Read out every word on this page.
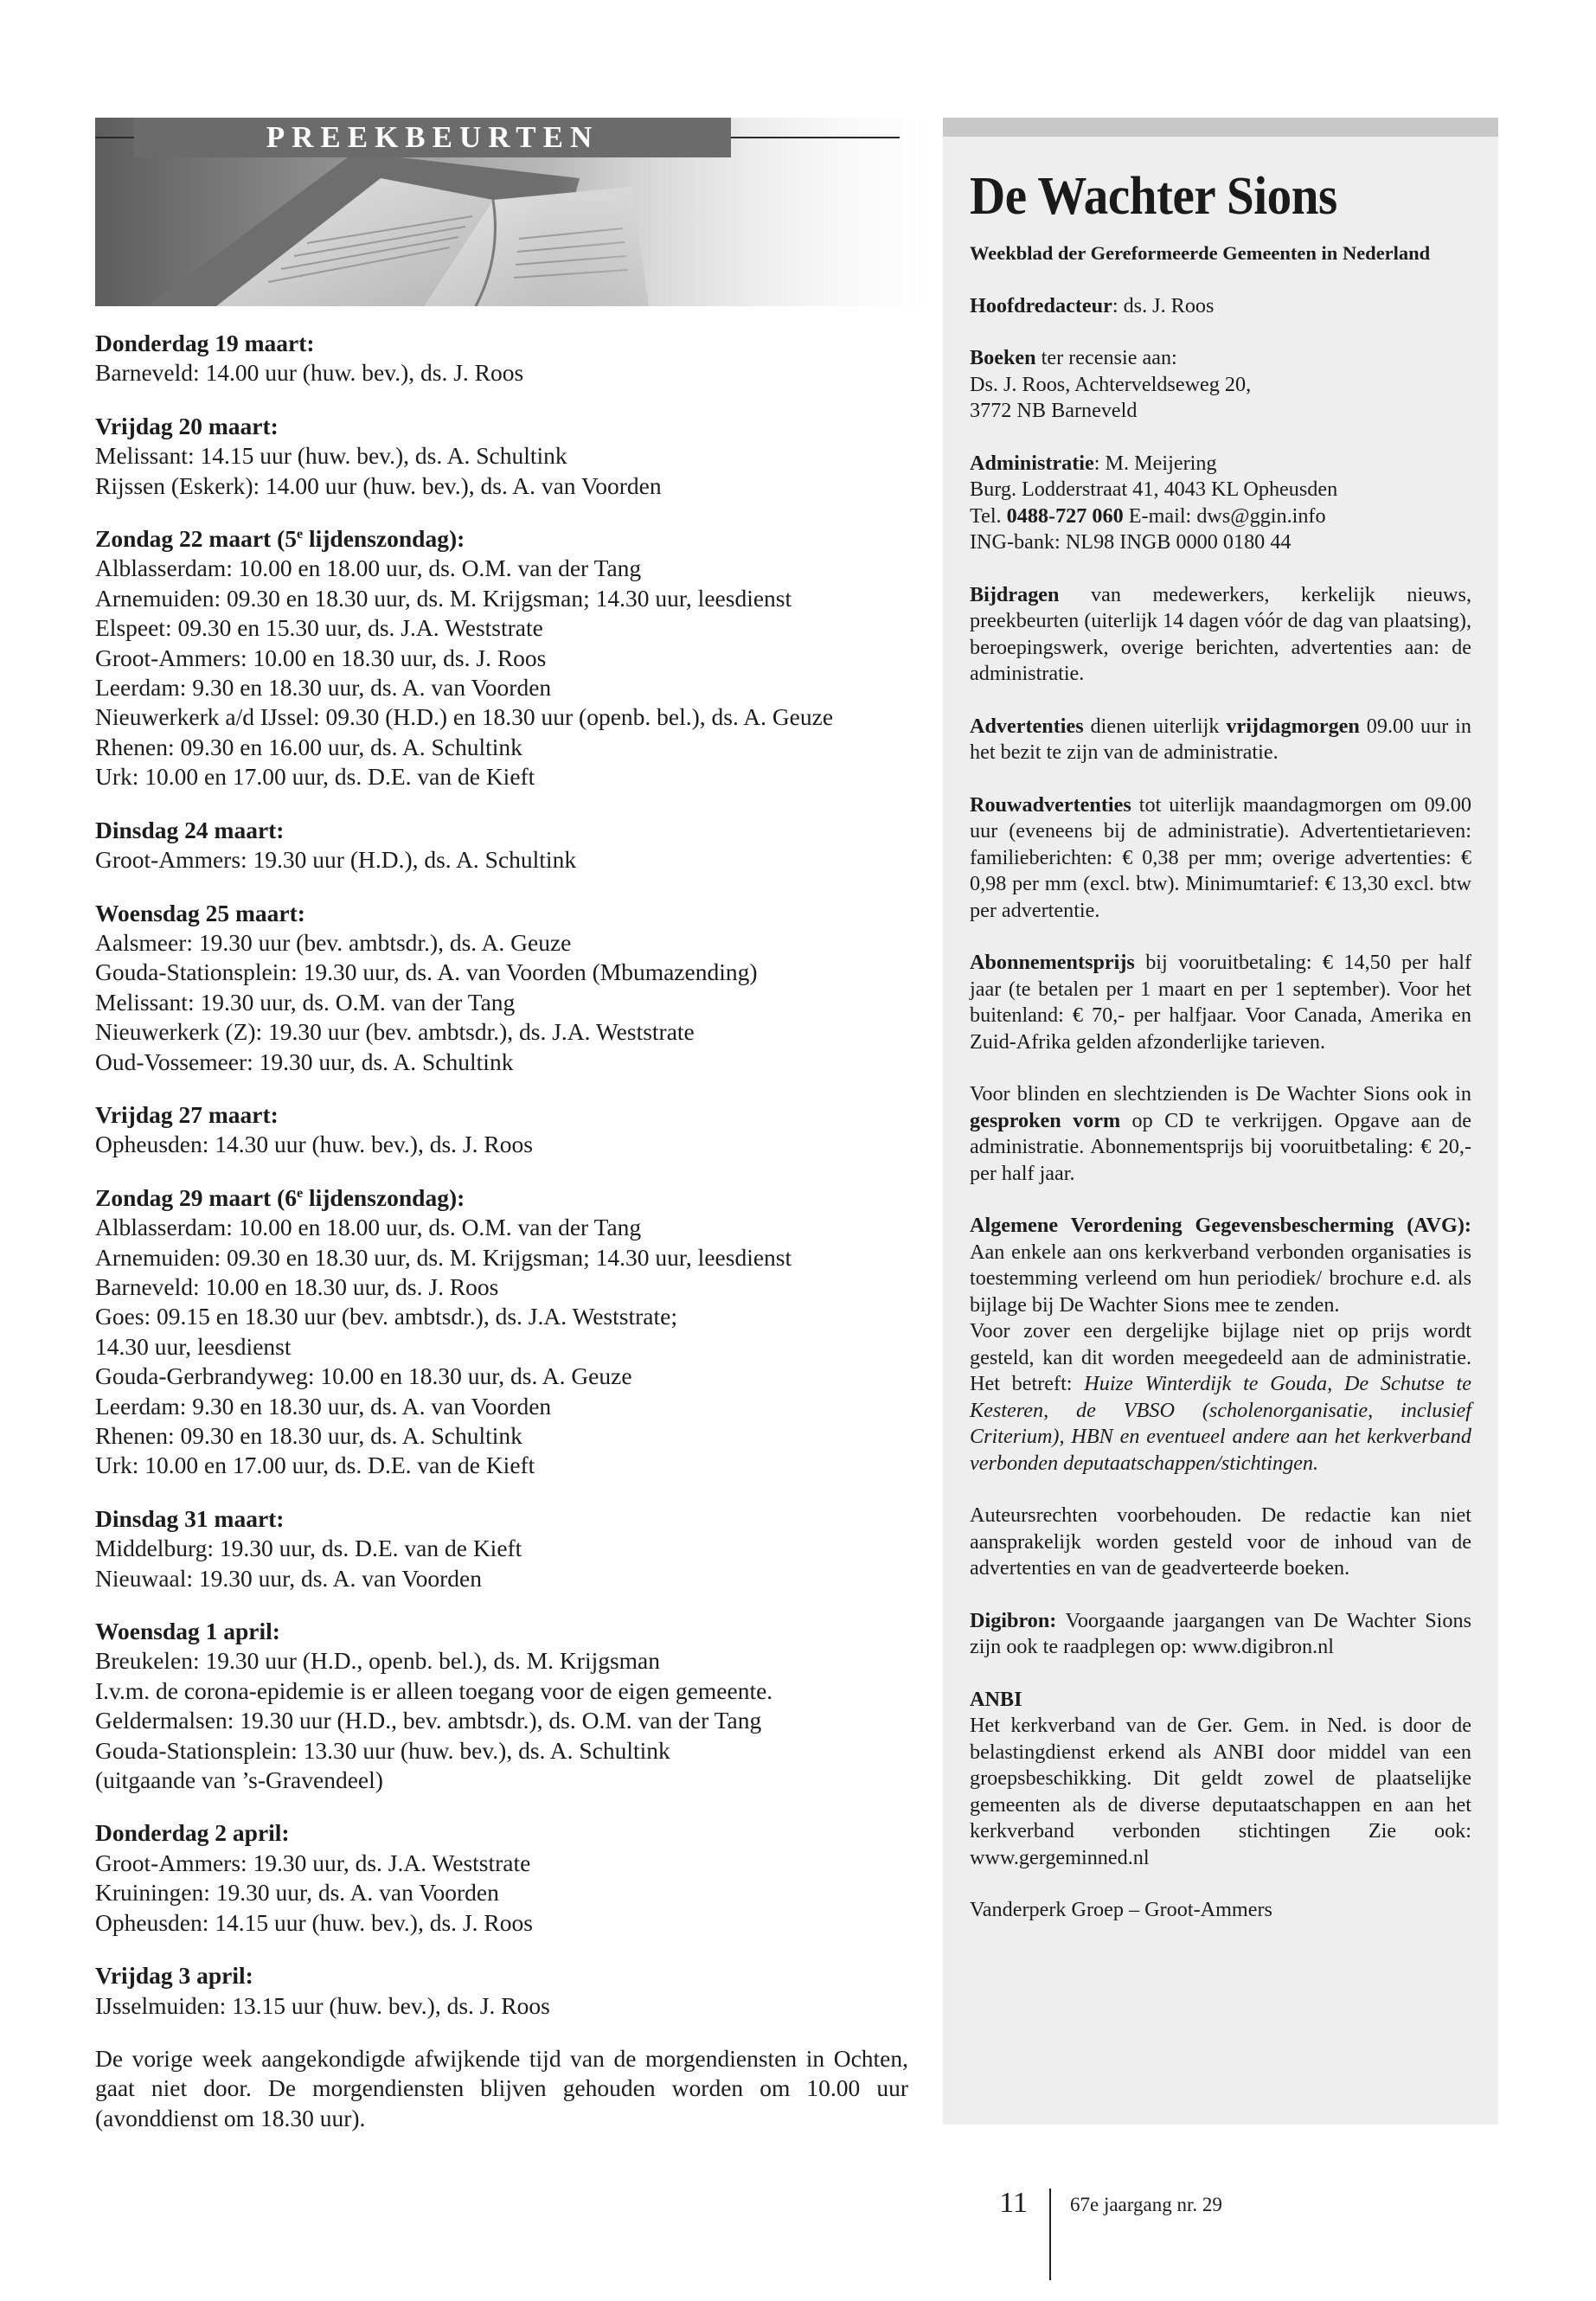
PREEKBEURTEN
Donderdag 19 maart:
Barneveld: 14.00 uur (huw. bev.), ds. J. Roos
Vrijdag 20 maart:
Melissant: 14.15 uur (huw. bev.), ds. A. Schultink
Rijssen (Eskerk): 14.00 uur (huw. bev.), ds. A. van Voorden
Zondag 22 maart (5e lijdenszondag):
Alblasserdam: 10.00 en 18.00 uur, ds. O.M. van der Tang
Arnemuiden: 09.30 en 18.30 uur, ds. M. Krijgsman; 14.30 uur, leesdienst
Elspeet: 09.30 en 15.30 uur, ds. J.A. Weststrate
Groot-Ammers: 10.00 en 18.30 uur, ds. J. Roos
Leerdam: 9.30 en 18.30 uur, ds. A. van Voorden
Nieuwerkerk a/d IJssel: 09.30 (H.D.) en 18.30 uur (openb. bel.), ds. A. Geuze
Rhenen: 09.30 en 16.00 uur, ds. A. Schultink
Urk: 10.00 en 17.00 uur, ds. D.E. van de Kieft
Dinsdag 24 maart:
Groot-Ammers: 19.30 uur (H.D.), ds. A. Schultink
Woensdag 25 maart:
Aalsmeer: 19.30 uur (bev. ambtsdr.), ds. A. Geuze
Gouda-Stationsplein: 19.30 uur, ds. A. van Voorden (Mbumazending)
Melissant: 19.30 uur, ds. O.M. van der Tang
Nieuwerkerk (Z): 19.30 uur (bev. ambtsdr.), ds. J.A. Weststrate
Oud-Vossemeer: 19.30 uur, ds. A. Schultink
Vrijdag 27 maart:
Opheusden: 14.30 uur (huw. bev.), ds. J. Roos
Zondag 29 maart (6e lijdenszondag):
Alblasserdam: 10.00 en 18.00 uur, ds. O.M. van der Tang
Arnemuiden: 09.30 en 18.30 uur, ds. M. Krijgsman; 14.30 uur, leesdienst
Barneveld: 10.00 en 18.30 uur, ds. J. Roos
Goes: 09.15 en 18.30 uur (bev. ambtsdr.), ds. J.A. Weststrate;
14.30 uur, leesdienst
Gouda-Gerbrandyweg: 10.00 en 18.30 uur, ds. A. Geuze
Leerdam: 9.30 en 18.30 uur, ds. A. van Voorden
Rhenen: 09.30 en 18.30 uur, ds. A. Schultink
Urk: 10.00 en 17.00 uur, ds. D.E. van de Kieft
Dinsdag 31 maart:
Middelburg: 19.30 uur, ds. D.E. van de Kieft
Nieuwaal: 19.30 uur, ds. A. van Voorden
Woensdag 1 april:
Breukelen: 19.30 uur (H.D., openb. bel.), ds. M. Krijgsman
I.v.m. de corona-epidemie is er alleen toegang voor de eigen gemeente.
Geldermalsen: 19.30 uur (H.D., bev. ambtsdr.), ds. O.M. van der Tang
Gouda-Stationsplein: 13.30 uur (huw. bev.), ds. A. Schultink
(uitgaande van ’s-Gravendeel)
Donderdag 2 april:
Groot-Ammers: 19.30 uur, ds. J.A. Weststrate
Kruiningen: 19.30 uur, ds. A. van Voorden
Opheusden: 14.15 uur (huw. bev.), ds. J. Roos
Vrijdag 3 april:
IJsselmuiden: 13.15 uur (huw. bev.), ds. J. Roos
De vorige week aangekondigde afwijkende tijd van de morgendiensten in Ochten, gaat niet door. De morgendiensten blijven gehouden worden om 10.00 uur (avonddienst om 18.30 uur).
De Wachter Sions
Weekblad der Gereformeerde Gemeenten in Nederland
Hoofdredacteur: ds. J. Roos
Boeken ter recensie aan:
Ds. J. Roos, Achterveldseweg 20,
3772 NB Barneveld
Administratie: M. Meijering
Burg. Lodderstraat 41, 4043 KL Opheusden
Tel. 0488-727 060 E-mail: dws@ggin.info
ING-bank: NL98 INGB 0000 0180 44
Bijdragen van medewerkers, kerkelijk nieuws, preekbeurten (uiterlijk 14 dagen vóór de dag van plaatsing), beroepingswerk, overige berichten, advertenties aan: de administratie.
Advertenties dienen uiterlijk vrijdagmorgen 09.00 uur in het bezit te zijn van de administratie.
Rouwadvertenties tot uiterlijk maandagmorgen om 09.00 uur (eveneens bij de administratie). Advertentietarieven: familieberichten: € 0,38 per mm; overige advertenties: € 0,98 per mm (excl. btw). Minimumtarief: € 13,30 excl. btw per advertentie.
Abonnementsprijs bij vooruitbetaling: € 14,50 per half jaar (te betalen per 1 maart en per 1 september). Voor het buitenland: € 70,- per halfjaar. Voor Canada, Amerika en Zuid-Afrika gelden afzonderlijke tarieven.
Voor blinden en slechtzienden is De Wachter Sions ook in gesproken vorm op CD te verkrijgen. Opgave aan de administratie. Abonnementsprijs bij vooruitbetaling: € 20,- per half jaar.
Algemene Verordening Gegevensbescherming (AVG): Aan enkele aan ons kerkverband verbonden organisaties is toestemming verleend om hun periodiek/ brochure e.d. als bijlage bij De Wachter Sions mee te zenden.
Voor zover een dergelijke bijlage niet op prijs wordt gesteld, kan dit worden meegedeeld aan de administratie. Het betreft: Huize Winterdijk te Gouda, De Schutse te Kesteren, de VBSO (scholenorganisatie, inclusief Criterium), HBN en eventueel andere aan het kerkverband verbonden deputaatschappen/stichtingen.
Auteursrechten voorbehouden. De redactie kan niet aansprakelijk worden gesteld voor de inhoud van de advertenties en van de geadverteerde boeken.
Digibron: Voorgaande jaargangen van De Wachter Sions zijn ook te raadplegen op: www.digibron.nl
ANBI
Het kerkverband van de Ger. Gem. in Ned. is door de belastingdienst erkend als ANBI door middel van een groepsbeschikking. Dit geldt zowel de plaatselijke gemeenten als de diverse deputaatschappen en aan het kerkverband verbonden stichtingen Zie ook: www.gergeminned.nl
Vanderperk Groep – Groot-Ammers
11 67e jaargang nr. 29
